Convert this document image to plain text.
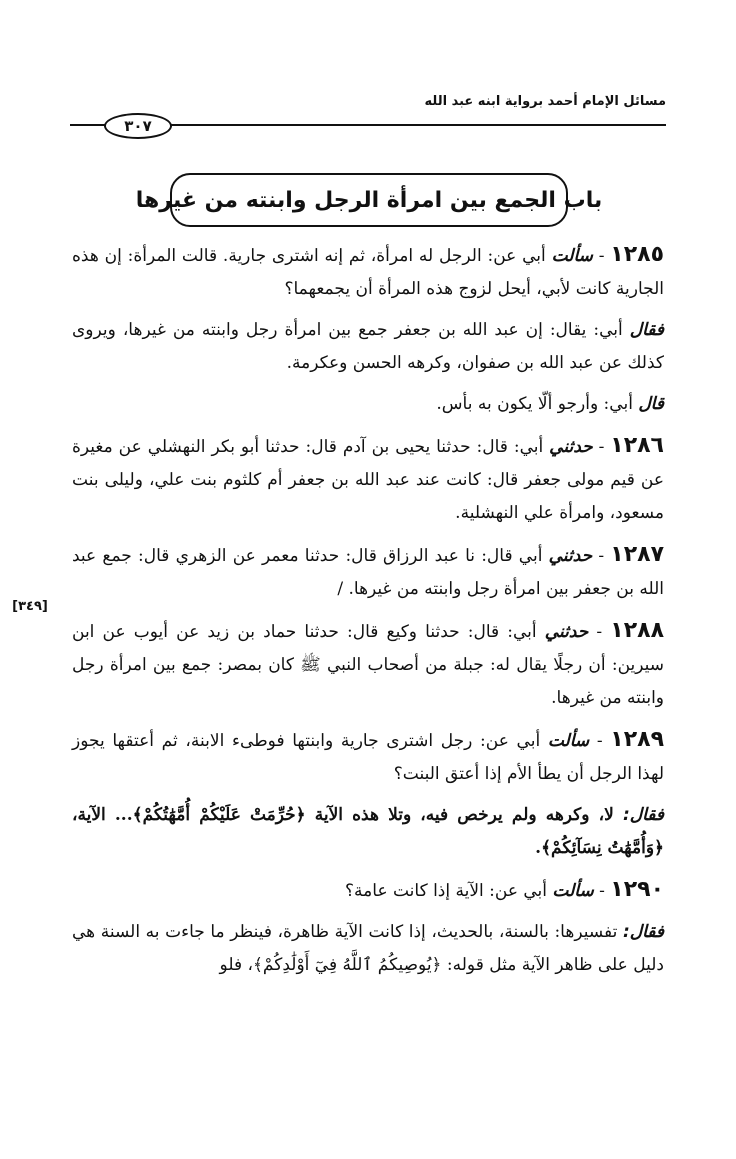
مسائل الإمام أحمد برواية ابنه عبد الله
٣٠٧
باب الجمع بين امرأة الرجل وابنته من غيرها
[٣٤٩]

١٢٨٥ - سألت أبي عن: الرجل له امرأة، ثم إنه اشترى جارية. قالت المرأة: إن هذه الجارية كانت لأبي، أيحل لزوج هذه المرأة أن يجمعهما؟

فقال أبي: يقال: إن عبد الله بن جعفر جمع بين امرأة رجل وابنته من غيرها، ويروى كذلك عن عبد الله بن صفوان، وكرهه الحسن وعكرمة.

قال أبي: وأرجو ألّا يكون به بأس.

١٢٨٦ - حدثني أبي: قال: حدثنا يحيى بن آدم قال: حدثنا أبو بكر النهشلي عن مغيرة عن قيم مولى جعفر قال: كانت عند عبد الله بن جعفر أم كلثوم بنت علي، وليلى بنت مسعود، وامرأة علي النهشلية.

١٢٨٧ - حدثني أبي قال: نا عبد الرزاق قال: حدثنا معمر عن الزهري قال: جمع عبد الله بن جعفر بين امرأة رجل وابنته من غيرها. /

١٢٨٨ - حدثني أبي: قال: حدثنا وكيع قال: حدثنا حماد بن زيد عن أيوب عن ابن سيرين: أن رجلًا يقال له: جبلة من أصحاب النبي ﷺ كان بمصر: جمع بين امرأة رجل وابنته من غيرها.

١٢٨٩ - سألت أبي عن: رجل اشترى جارية وابنتها فوطىء الابنة، ثم أعتقها يجوز لهذا الرجل أن يطأ الأم إذا أعتق البنت؟

فقال: لا، وكرهه ولم يرخص فيه، وتلا هذه الآية ﴿حُرِّمَتْ عَلَيْكُمْ أُمَّهَٰتُكُمْ﴾... الآية، ﴿وَأُمَّهَٰتُ نِسَآئِكُمْ﴾.

١٢٩٠ - سألت أبي عن: الآية إذا كانت عامة؟

فقال: تفسيرها: بالسنة، بالحديث، إذا كانت الآية ظاهرة، فينظر ما جاءت به السنة هي دليل على ظاهر الآية مثل قوله: ﴿يُوصِيكُمُ ٱللَّهُ فِيٓ أَوْلَٰدِكُمْ﴾، فلو
